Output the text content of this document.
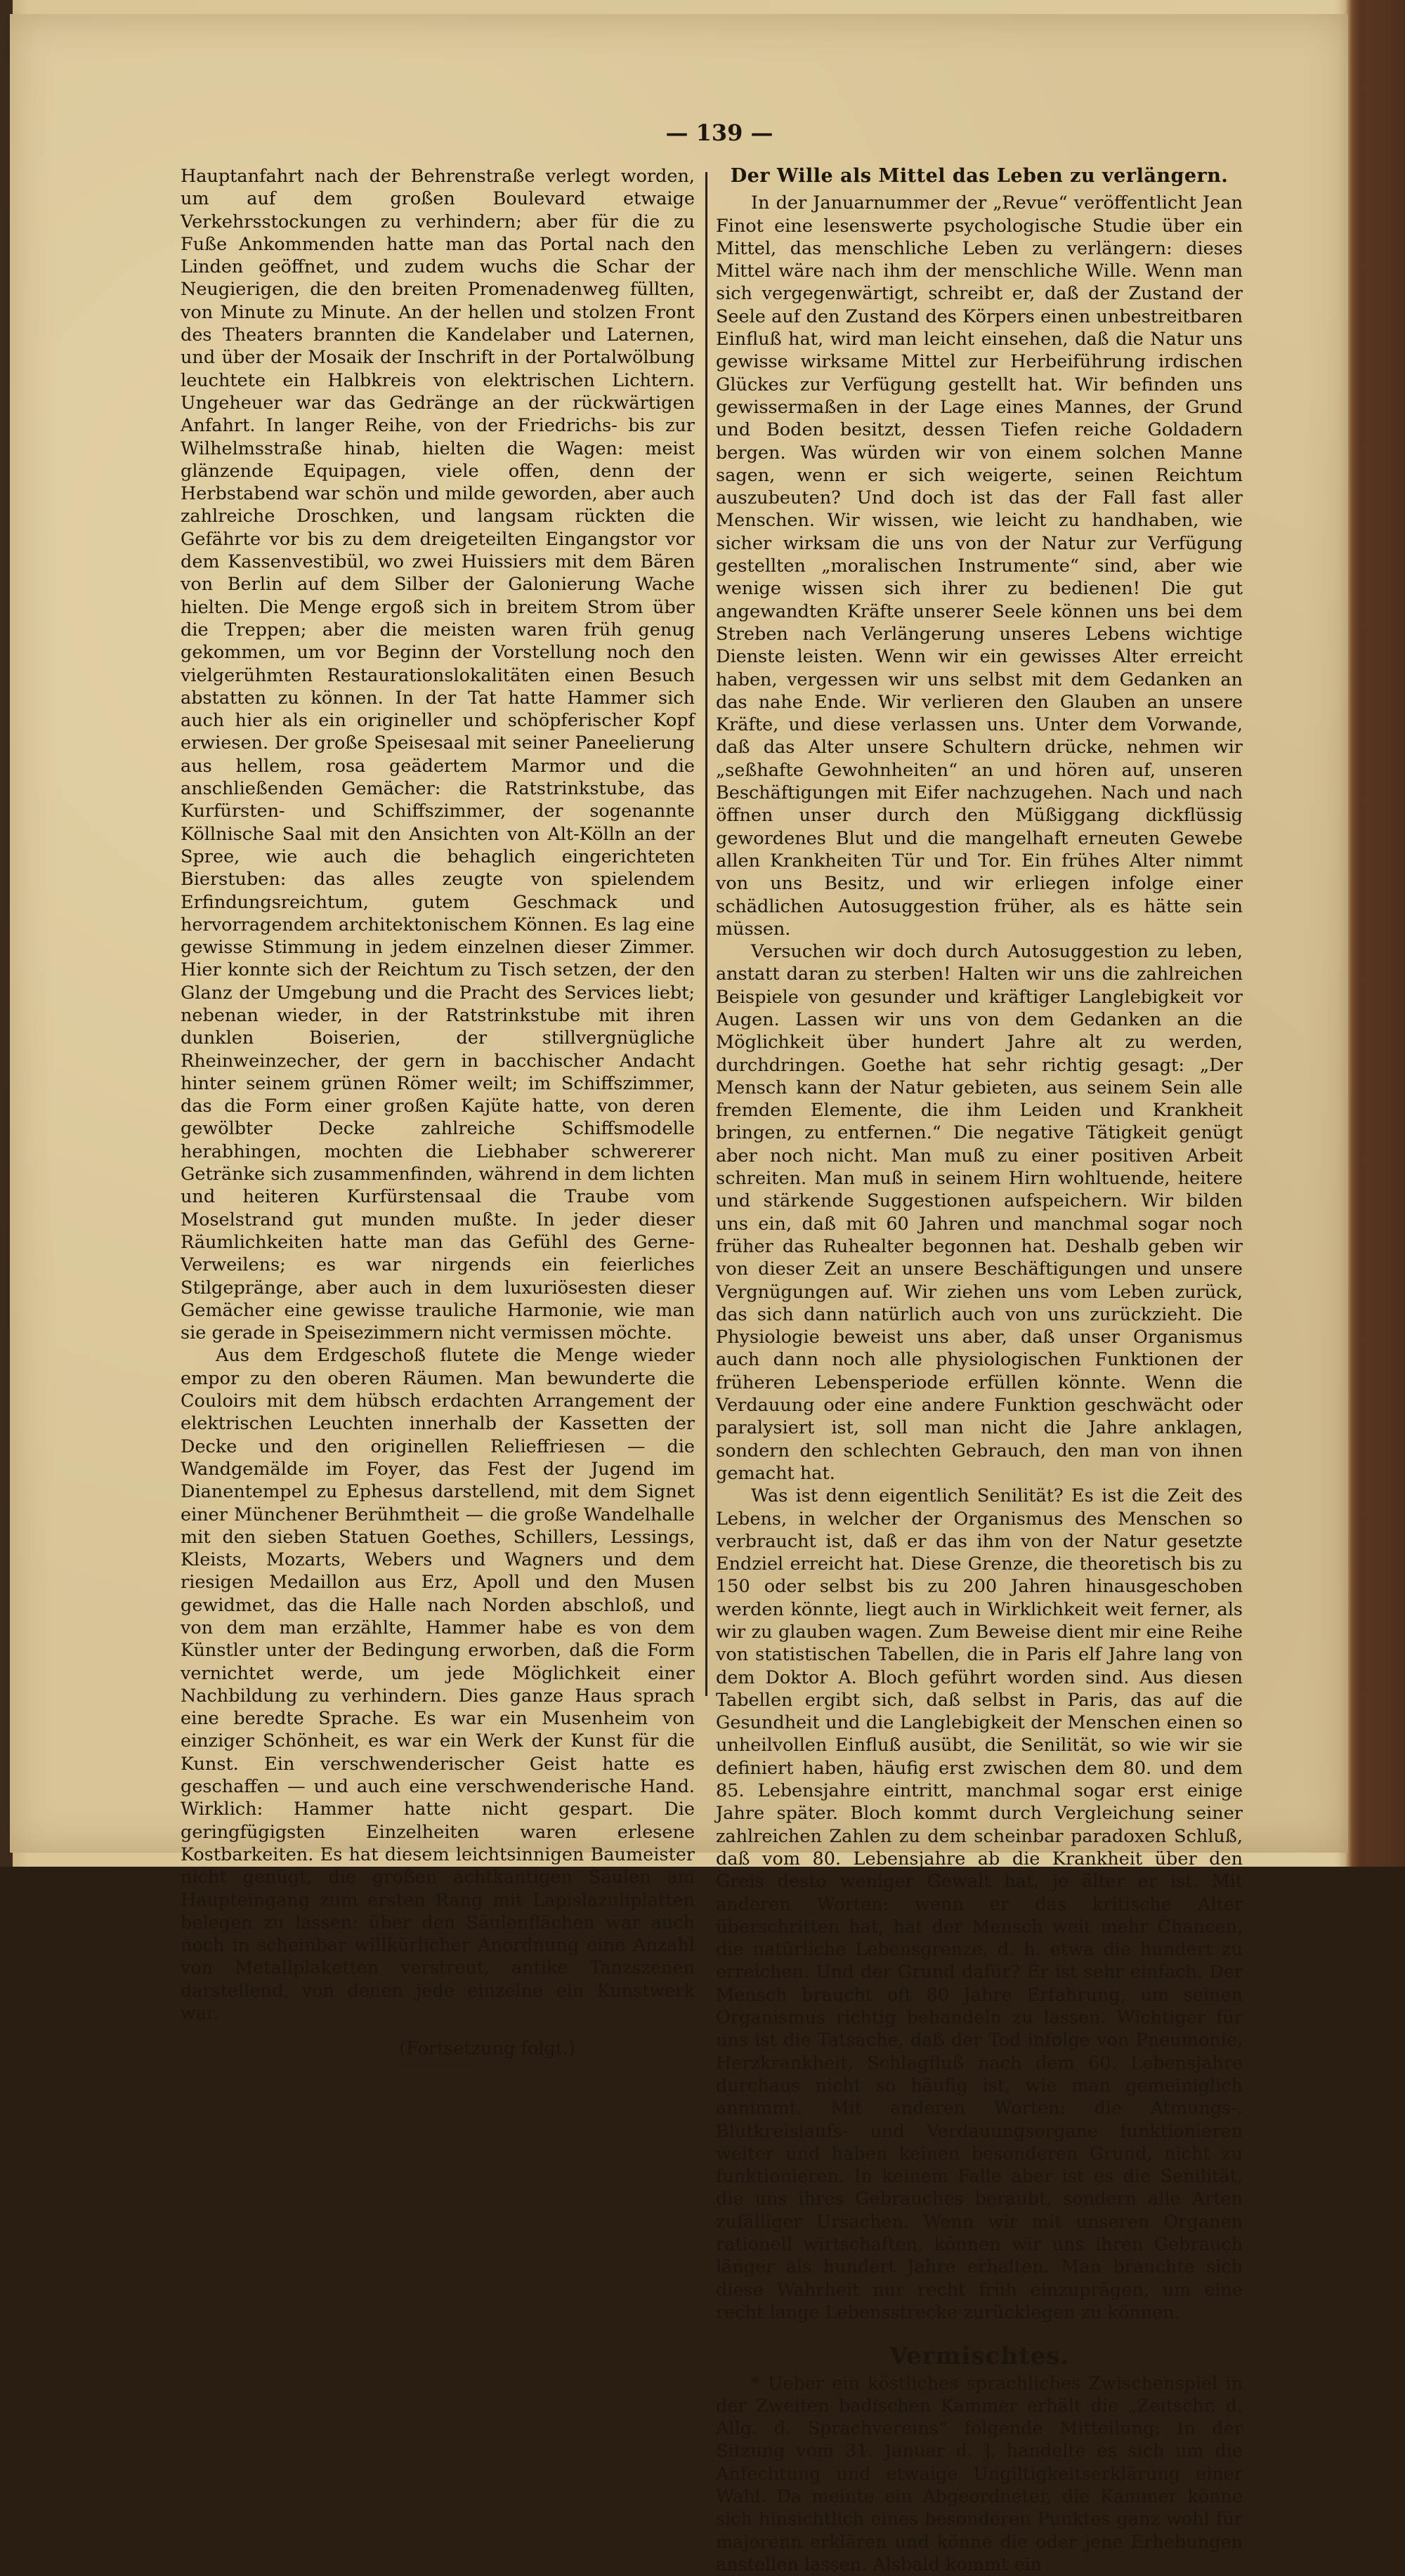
— 139 —

Hauptanfahrt nach der Behrenstraße verlegt worden, um auf dem großen Boulevard etwaige Verkehrsstockungen zu verhindern; aber für die zu Fuße Ankommenden hatte man das Portal nach den Linden geöffnet, und zudem wuchs die Schar der Neugierigen, die den breiten Promenadenweg füllten, von Minute zu Minute. An der hellen und stolzen Front des Theaters brannten die Kandelaber und Laternen, und über der Mosaik der Inschrift in der Portalwölbung leuchtete ein Halbkreis von elektrischen Lichtern. Ungeheuer war das Gedränge an der rückwärtigen Anfahrt. In langer Reihe, von der Friedrichs- bis zur Wilhelmsstraße hinab, hielten die Wagen: meist glänzende Equipagen, viele offen, denn der Herbstabend war schön und milde geworden, aber auch zahlreiche Droschken, und langsam rückten die Gefährte vor bis zu dem dreigeteilten Eingangstor vor dem Kassenvestibül, wo zwei Huissiers mit dem Bären von Berlin auf dem Silber der Galonierung Wache hielten. Die Menge ergoß sich in breitem Strom über die Treppen; aber die meisten waren früh genug gekommen, um vor Beginn der Vorstellung noch den vielgerühmten Restaurationslokalitäten einen Besuch abstatten zu können. In der Tat hatte Hammer sich auch hier als ein origineller und schöpferischer Kopf erwiesen. Der große Speisesaal mit seiner Paneelierung aus hellem, rosa geädertem Marmor und die anschließenden Gemächer: die Ratstrinkstube, das Kurfürsten- und Schiffszimmer, der sogenannte Köllnische Saal mit den Ansichten von Alt-Kölln an der Spree, wie auch die behaglich eingerichteten Bierstuben: das alles zeugte von spielendem Erfindungsreichtum, gutem Geschmack und hervorragendem architektonischem Können. Es lag eine gewisse Stimmung in jedem einzelnen dieser Zimmer. Hier konnte sich der Reichtum zu Tisch setzen, der den Glanz der Umgebung und die Pracht des Services liebt; nebenan wieder, in der Ratstrinkstube mit ihren dunklen Boiserien, der stillvergnügliche Rheinweinzecher, der gern in bacchischer Andacht hinter seinem grünen Römer weilt; im Schiffszimmer, das die Form einer großen Kajüte hatte, von deren gewölbter Decke zahlreiche Schiffsmodelle herabhingen, mochten die Liebhaber schwererer Getränke sich zusammenfinden, während in dem lichten und heiteren Kurfürstensaal die Traube vom Moselstrand gut munden mußte. In jeder dieser Räumlichkeiten hatte man das Gefühl des Gerne-Verweilens; es war nirgends ein feierliches Stilgepränge, aber auch in dem luxuriösesten dieser Gemächer eine gewisse trauliche Harmonie, wie man sie gerade in Speisezimmern nicht vermissen möchte.

Aus dem Erdgeschoß flutete die Menge wieder empor zu den oberen Räumen. Man bewunderte die Couloirs mit dem hübsch erdachten Arrangement der elektrischen Leuchten innerhalb der Kassetten der Decke und den originellen Relieffriesen — die Wandgemälde im Foyer, das Fest der Jugend im Dianentempel zu Ephesus darstellend, mit dem Signet einer Münchener Berühmtheit — die große Wandelhalle mit den sieben Statuen Goethes, Schillers, Lessings, Kleists, Mozarts, Webers und Wagners und dem riesigen Medaillon aus Erz, Apoll und den Musen gewidmet, das die Halle nach Norden abschloß, und von dem man erzählte, Hammer habe es von dem Künstler unter der Bedingung erworben, daß die Form vernichtet werde, um jede Möglichkeit einer Nachbildung zu verhindern. Dies ganze Haus sprach eine beredte Sprache. Es war ein Musenheim von einziger Schönheit, es war ein Werk der Kunst für die Kunst. Ein verschwenderischer Geist hatte es geschaffen — und auch eine verschwenderische Hand. Wirklich: Hammer hatte nicht gespart. Die geringfügigsten Einzelheiten waren erlesene Kostbarkeiten. Es hat diesem leichtsinnigen Baumeister nicht genügt, die großen achtkantigen Säulen am Haupteingang zum ersten Rang mit Lapislazuliplatten belegen zu lassen: über den Säulenflächen war auch noch in scheinbar willkürlicher Anordnung eine Anzahl von Metallplaketten verstreut, antike Tanzszenen darstellend, von denen jede einzelne ein Kunstwerk war.

(Fortsetzung folgt.)

Der Wille als Mittel das Leben zu verlängern.

In der Januarnummer der „Revue“ veröffentlicht Jean Finot eine lesenswerte psychologische Studie über ein Mittel, das menschliche Leben zu verlängern: dieses Mittel wäre nach ihm der menschliche Wille. Wenn man sich vergegenwärtigt, schreibt er, daß der Zustand der Seele auf den Zustand des Körpers einen unbestreitbaren Einfluß hat, wird man leicht einsehen, daß die Natur uns gewisse wirksame Mittel zur Herbeiführung irdischen Glückes zur Verfügung gestellt hat. Wir befinden uns gewissermaßen in der Lage eines Mannes, der Grund und Boden besitzt, dessen Tiefen reiche Goldadern bergen. Was würden wir von einem solchen Manne sagen, wenn er sich weigerte, seinen Reichtum auszubeuten? Und doch ist das der Fall fast aller Menschen. Wir wissen, wie leicht zu handhaben, wie sicher wirksam die uns von der Natur zur Verfügung gestellten „moralischen Instrumente“ sind, aber wie wenige wissen sich ihrer zu bedienen! Die gut angewandten Kräfte unserer Seele können uns bei dem Streben nach Verlängerung unseres Lebens wichtige Dienste leisten. Wenn wir ein gewisses Alter erreicht haben, vergessen wir uns selbst mit dem Gedanken an das nahe Ende. Wir verlieren den Glauben an unsere Kräfte, und diese verlassen uns. Unter dem Vorwande, daß das Alter unsere Schultern drücke, nehmen wir „seßhafte Gewohnheiten“ an und hören auf, unseren Beschäftigungen mit Eifer nachzugehen. Nach und nach öffnen unser durch den Müßiggang dickflüssig gewordenes Blut und die mangelhaft erneuten Gewebe allen Krankheiten Tür und Tor. Ein frühes Alter nimmt von uns Besitz, und wir erliegen infolge einer schädlichen Autosuggestion früher, als es hätte sein müssen.

Versuchen wir doch durch Autosuggestion zu leben, anstatt daran zu sterben! Halten wir uns die zahlreichen Beispiele von gesunder und kräftiger Langlebigkeit vor Augen. Lassen wir uns von dem Gedanken an die Möglichkeit über hundert Jahre alt zu werden, durchdringen. Goethe hat sehr richtig gesagt: „Der Mensch kann der Natur gebieten, aus seinem Sein alle fremden Elemente, die ihm Leiden und Krankheit bringen, zu entfernen.“ Die negative Tätigkeit genügt aber noch nicht. Man muß zu einer positiven Arbeit schreiten. Man muß in seinem Hirn wohltuende, heitere und stärkende Suggestionen aufspeichern. Wir bilden uns ein, daß mit 60 Jahren und manchmal sogar noch früher das Ruhealter begonnen hat. Deshalb geben wir von dieser Zeit an unsere Beschäftigungen und unsere Vergnügungen auf. Wir ziehen uns vom Leben zurück, das sich dann natürlich auch von uns zurückzieht. Die Physiologie beweist uns aber, daß unser Organismus auch dann noch alle physiologischen Funktionen der früheren Lebensperiode erfüllen könnte. Wenn die Verdauung oder eine andere Funktion geschwächt oder paralysiert ist, soll man nicht die Jahre anklagen, sondern den schlechten Gebrauch, den man von ihnen gemacht hat.

Was ist denn eigentlich Senilität? Es ist die Zeit des Lebens, in welcher der Organismus des Menschen so verbraucht ist, daß er das ihm von der Natur gesetzte Endziel erreicht hat. Diese Grenze, die theoretisch bis zu 150 oder selbst bis zu 200 Jahren hinausgeschoben werden könnte, liegt auch in Wirklichkeit weit ferner, als wir zu glauben wagen. Zum Beweise dient mir eine Reihe von statistischen Tabellen, die in Paris elf Jahre lang von dem Doktor A. Bloch geführt worden sind. Aus diesen Tabellen ergibt sich, daß selbst in Paris, das auf die Gesundheit und die Langlebigkeit der Menschen einen so unheilvollen Einfluß ausübt, die Senilität, so wie wir sie definiert haben, häufig erst zwischen dem 80. und dem 85. Lebensjahre eintritt, manchmal sogar erst einige Jahre später. Bloch kommt durch Vergleichung seiner zahlreichen Zahlen zu dem scheinbar paradoxen Schluß, daß vom 80. Lebensjahre ab die Krankheit über den Greis desto weniger Gewalt hat, je älter er ist. Mit anderen Worten: wenn er das kritische Alter überschritten hat, hat der Mensch weit mehr Chancen, die natürliche Lebensgrenze, d. h. etwa die hundert zu erreichen. Und der Grund dafür? Er ist sehr einfach. Der Mensch braucht oft 80 Jahre Erfahrung, um seinen Organismus richtig behandeln zu lassen. Wichtiger für uns ist die Tatsache, daß der Tod infolge von Pneumonie, Herzkrankheit, Schlagfluß nach dem 60. Lebensjahre durchaus nicht so häufig ist, wie man gemeiniglich annimmt. Mit anderen Worten: die Atmungs-, Blutkreislaufs- und Verdauungsorgane funktionieren weiter und haben keinen besonderen Grund, nicht zu funktionieren. In keinem Falle aber ist es die Senilität, die uns ihres Gebrauches beraubt, sondern alle Arten zufälliger Ursachen. Wenn wir mit unseren Organen rationell wirtschaften, können wir uns ihren Gebrauch länger als hundert Jahre erhalten. Man brauchte sich diese Wahrheit nur recht früh einzuprägen, um eine recht lange Lebensstrecke zurücklegen zu können.

Vermischtes.

* Ueber ein köstliches sprachliches Zwischenspiel in der Zweiten badischen Kammer erhält die „Zeitschr. d. Allg. d. Sprachvereins“ folgende Mitteilung: In der Sitzung vom 31. Januar d. J. handelte es sich um die Anfechtung und etwaige Ungiltigkeitserklärung einer Wahl. Da meinte ein Abgeordneter, die Kammer könne sich hinsichtlich eines besonderen Punktes ganz wohl für majorenn erklären und könne die oder jene Erhebungen anstellen lassen. Alsbald kommt ein
